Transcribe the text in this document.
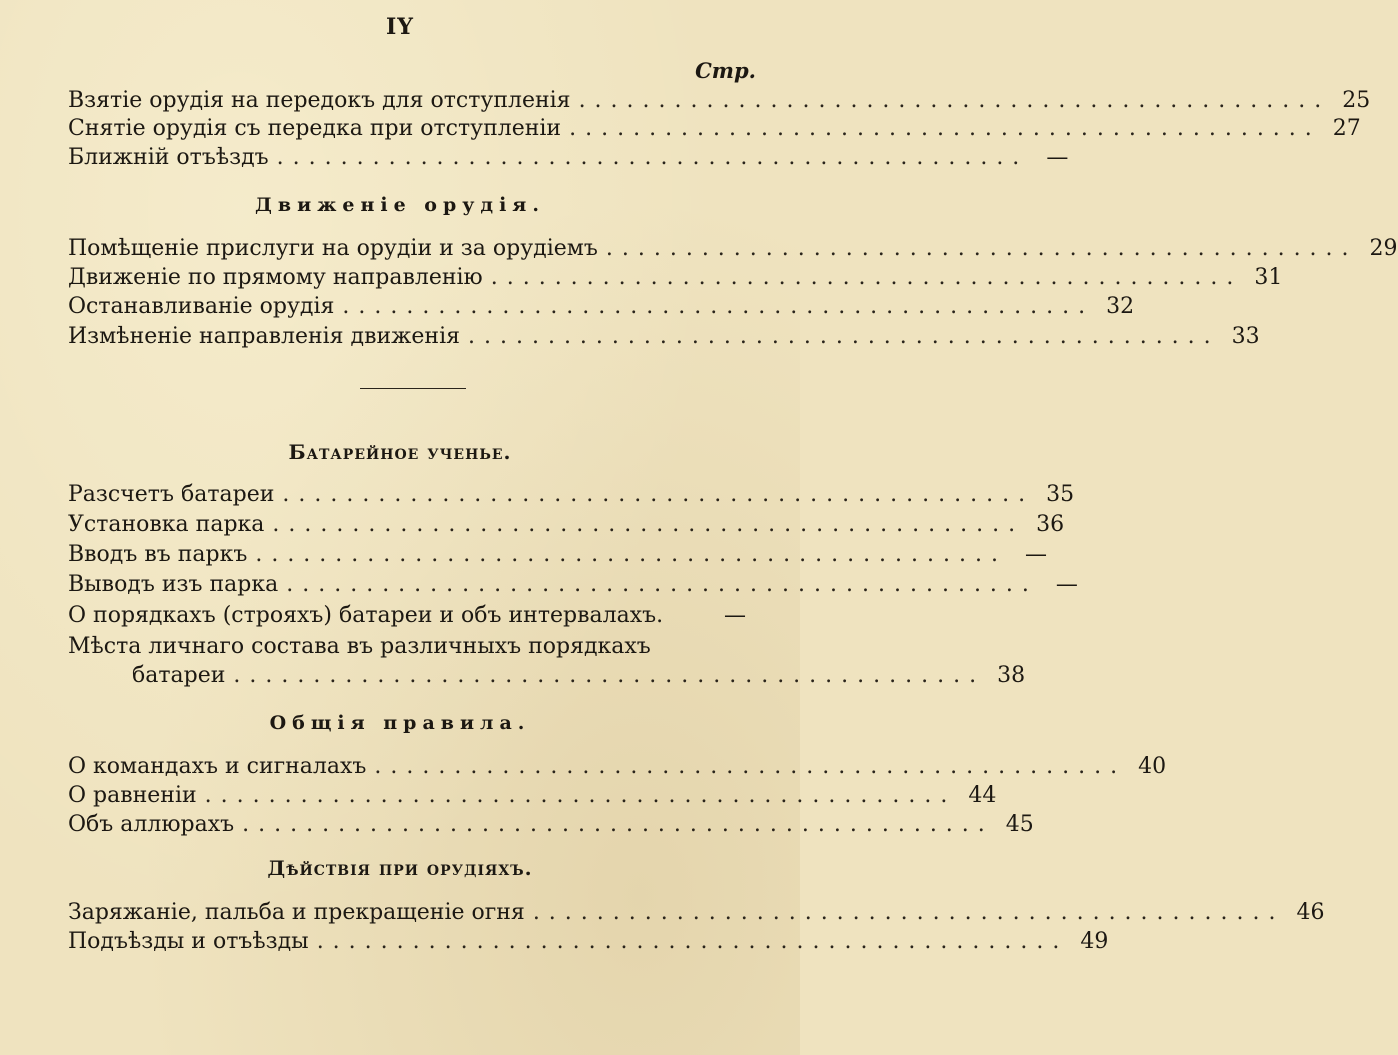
IY
Стр.
Взятіе орудія на передокъ для отступленія ............................................... 25
Снятіе орудія съ передка при отступленіи ............................................... 27
Ближній отъѣздъ ............................................... —
Движеніе орудія.
Помѣщеніе прислуги на орудіи и за орудіемъ ............................................... 29
Движеніе по прямому направленію ............................................... 31
Останавливаніе орудія ............................................... 32
Измѣненіе направленія движенія ............................................... 33
Батарейное ученье.
Разсчетъ батареи ............................................... 35
Установка парка ............................................... 36
Вводъ въ паркъ ............................................... —
Выводъ изъ парка ............................................... —
О порядкахъ (строяхъ) батареи и объ интервалахъ.	—
Мѣста личнаго состава въ различныхъ порядкахъ
батареи ............................................... 38
Общія правила.
О командахъ и сигналахъ ............................................... 40
О равненіи ............................................... 44
Объ аллюрахъ ............................................... 45
Дѣйствія при орудіяхъ.
Заряжаніе, пальба и прекращеніе огня ............................................... 46
Подъѣзды и отъѣзды ............................................... 49
